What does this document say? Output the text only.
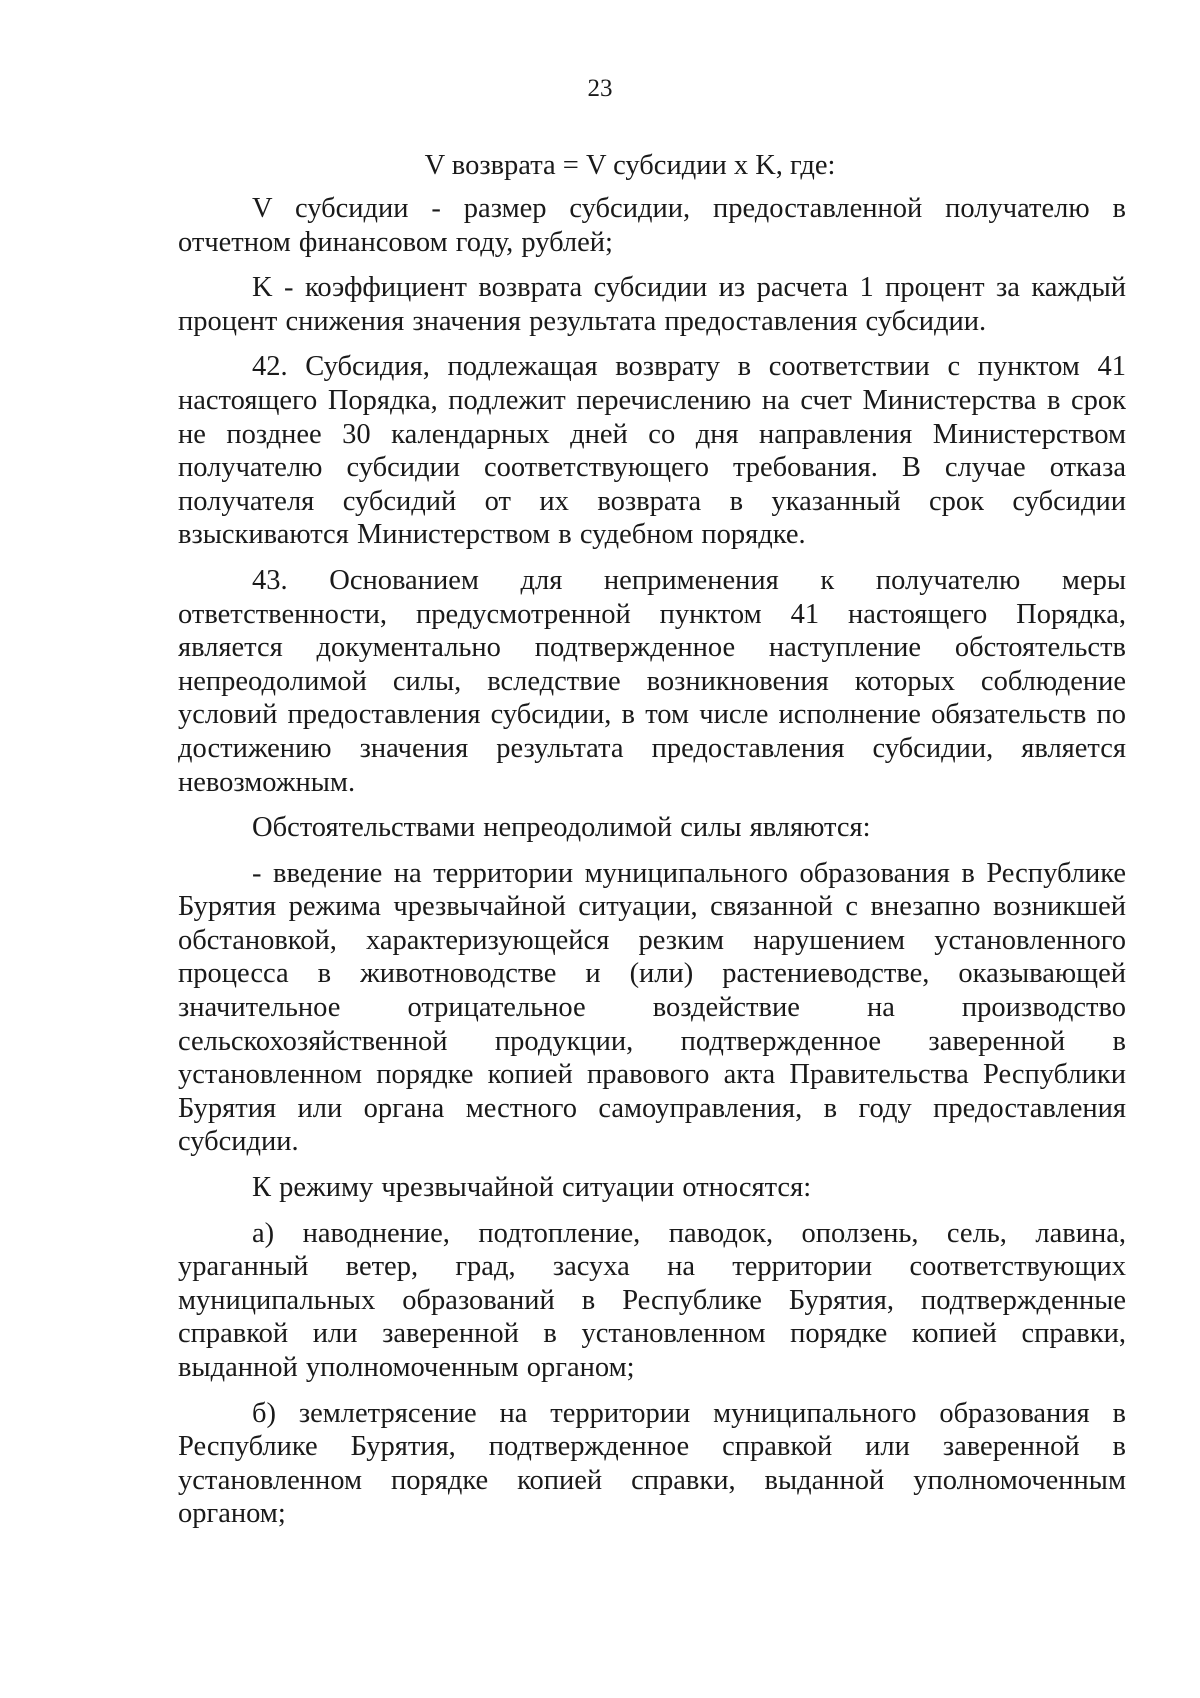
23
V возврата = V субсидии х K, где:

V субсидии - размер субсидии, предоставленной получателю в отчетном финансовом году, рублей;

K - коэффициент возврата субсидии из расчета 1 процент за каждый процент снижения значения результата предоставления субсидии.

42. Субсидия, подлежащая возврату в соответствии с пунктом 41 настоящего Порядка, подлежит перечислению на счет Министерства в срок не позднее 30 календарных дней со дня направления Министерством получателю субсидии соответствующего требования. В случае отказа получателя субсидий от их возврата в указанный срок субсидии взыскиваются Министерством в судебном порядке.

43. Основанием для неприменения к получателю меры ответственности, предусмотренной пунктом 41 настоящего Порядка, является документально подтвержденное наступление обстоятельств непреодолимой силы, вследствие возникновения которых соблюдение условий предоставления субсидии, в том числе исполнение обязательств по достижению значения результата предоставления субсидии, является невозможным.

Обстоятельствами непреодолимой силы являются:

- введение на территории муниципального образования в Республике Бурятия режима чрезвычайной ситуации, связанной с внезапно возникшей обстановкой, характеризующейся резким нарушением установленного процесса в животноводстве и (или) растениеводстве, оказывающей значительное отрицательное воздействие на производство сельскохозяйственной продукции, подтвержденное заверенной в установленном порядке копией правового акта Правительства Республики Бурятия или органа местного самоуправления, в году предоставления субсидии.

К режиму чрезвычайной ситуации относятся:

а) наводнение, подтопление, паводок, оползень, сель, лавина, ураганный ветер, град, засуха на территории соответствующих муниципальных образований в Республике Бурятия, подтвержденные справкой или заверенной в установленном порядке копией справки, выданной уполномоченным органом;

б) землетрясение на территории муниципального образования в Республике Бурятия, подтвержденное справкой или заверенной в установленном порядке копией справки, выданной уполномоченным органом;
